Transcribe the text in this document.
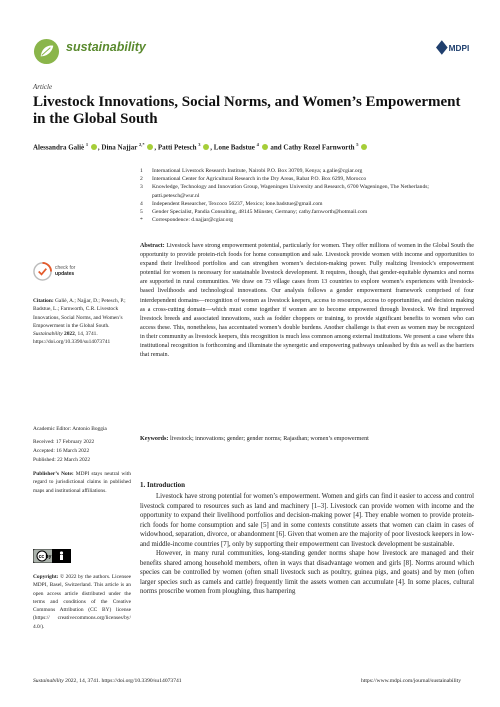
sustainability	MDPI
Article
Livestock Innovations, Social Norms, and Women’s Empowerment in the Global South
Alessandra Galiè $^1$ , Dina Najjar $^{2,*}$ , Patti Petesch $^3$ , Lone Badstue $^4$  and Cathy Rozel Farnworth $^5$
1	International Livestock Research Institute, Nairobi P.O. Box 30709, Kenya; a.galie@cgiar.org
2	International Center for Agricultural Research in the Dry Areas, Rabat P.O. Box 6299, Morocco
3	Knowledge, Technology and Innovation Group, Wageningen University and Research, 6700 Wageningen, The Netherlands; patti.petesch@wur.nl
4	Independent Researcher, Texcoco 56237, Mexico; lone.badstue@gmail.com
5	Gender Specialist, Pandia Consulting, 48145 Münster, Germany; cathy.farnworth@hotmail.com
*	Correspondence: d.najjar@cgiar.org
Abstract: Livestock have strong empowerment potential, particularly for women. They offer millions of women in the Global South the opportunity to provide protein-rich foods for home consumption and sale. Livestock provide women with income and opportunities to expand their livelihood portfolios and can strengthen women’s decision-making power. Fully realizing livestock’s empowerment potential for women is necessary for sustainable livestock development. It requires, though, that gender-equitable dynamics and norms are supported in rural communities. We draw on 73 village cases from 13 countries to explore women’s experiences with livestock-based livelihoods and technological innovations. Our analysis follows a gender empowerment framework comprised of four interdependent domains—recognition of women as livestock keepers, access to resources, access to opportunities, and decision making as a cross-cutting domain—which must come together if women are to become empowered through livestock. We find improved livestock breeds and associated innovations, such as fodder choppers or training, to provide significant benefits to women who can access these. This, nonetheless, has accentuated women’s double burdens. Another challenge is that even as women may be recognized in their community as livestock keepers, this recognition is much less common among external institutions. We present a case where this institutional recognition is forthcoming and illuminate the synergetic and empowering pathways unleashed by this as well as the barriers that remain.
Keywords: livestock; innovations; gender; gender norms; Rajasthan; women’s empowerment
1. Introduction

Livestock have strong potential for women’s empowerment. Women and girls can find it easier to access and control livestock compared to resources such as land and machinery [1–3]. Livestock can provide women with income and the opportunity to expand their livelihood portfolios and decision-making power [4]. They enable women to provide protein-rich foods for home consumption and sale [5] and in some contexts constitute assets that women can claim in cases of widowhood, separation, divorce, or abandonment [6]. Given that women are the majority of poor livestock keepers in low- and middle-income countries [7], only by supporting their empowerment can livestock development be sustainable.

However, in many rural communities, long-standing gender norms shape how livestock are managed and their benefits shared among household members, often in ways that disadvantage women and girls [8]. Norms around which species can be controlled by women (often small livestock such as poultry, guinea pigs, and goats) and by men (often larger species such as camels and cattle) frequently limit the assets women can accumulate [4]. In some places, cultural norms proscribe women from ploughing, thus hampering

check for
updates
Citation: Galiè, A.; Najjar, D.; Petesch, P.; Badstue, L.; Farnworth, C.R. Livestock Innovations, Social Norms, and Women’s Empowerment in the Global South. Sustainability 2022, 14, 3741. https://doi.org/10.3390/su14073741
Academic Editor: Antonio Boggia
Received: 17 February 2022
Accepted: 16 March 2022
Published: 22 March 2022
Publisher’s Note: MDPI stays neutral with regard to jurisdictional claims in published maps and institutional affiliations.
cc by
Copyright: © 2022 by the authors. Licensee MDPI, Basel, Switzerland. This article is an open access article distributed under the terms and conditions of the Creative Commons Attribution (CC BY) license (https:// creativecommons.org/licenses/by/ 4.0/).
Sustainability 2022, 14, 3741. https://doi.org/10.3390/su14073741	https://www.mdpi.com/journal/sustainability
